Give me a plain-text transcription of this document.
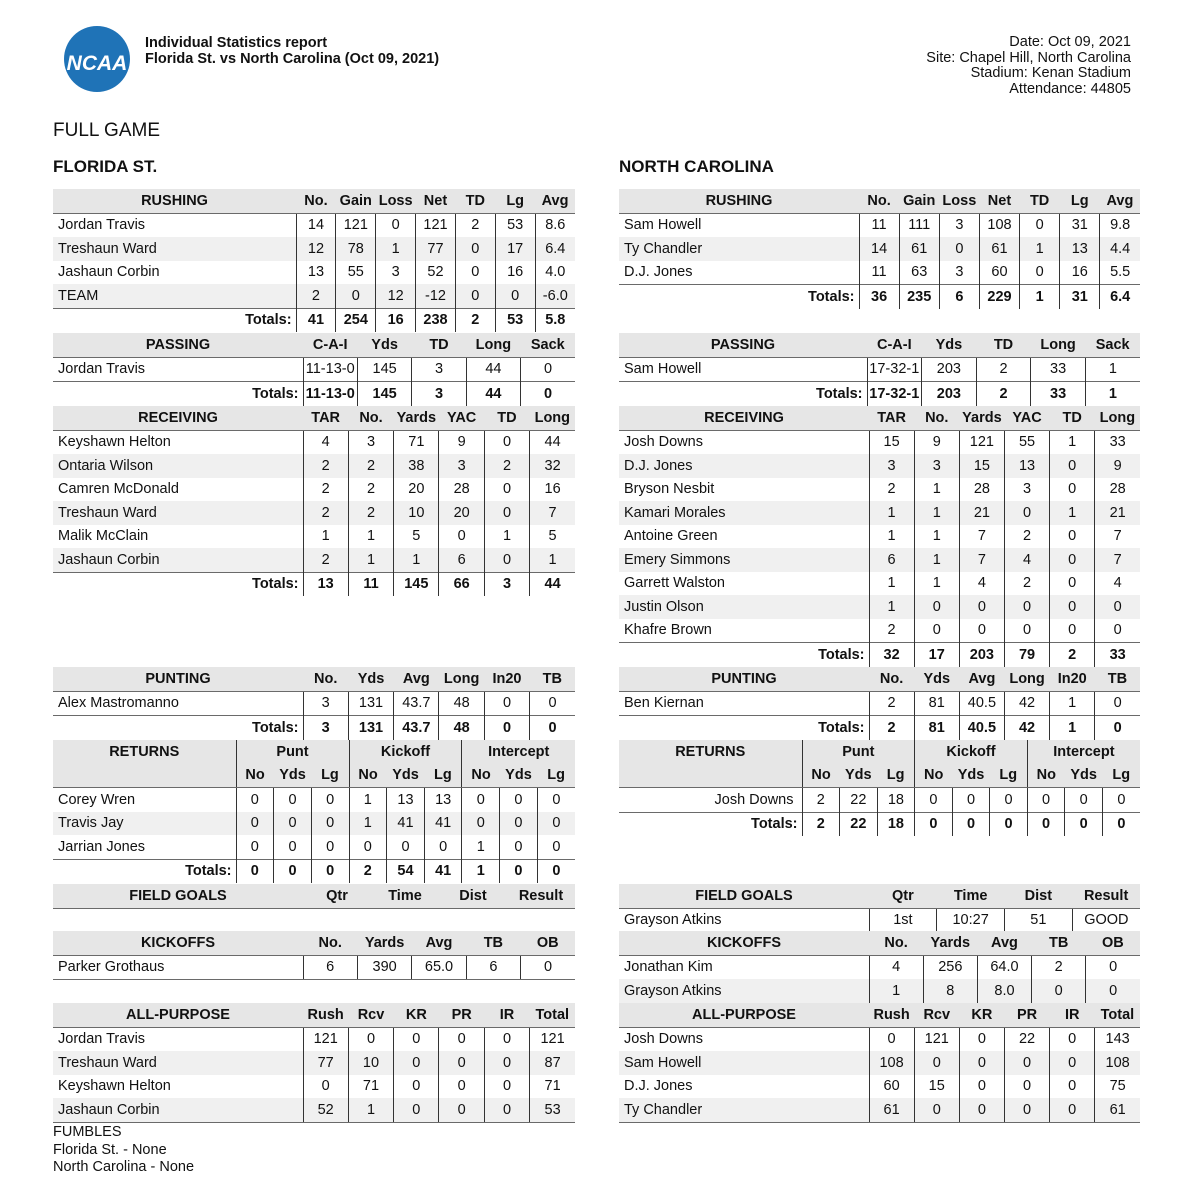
NCAA
Individual Statistics report
Florida St. vs North Carolina (Oct 09, 2021)
Date: Oct 09, 2021
Site: Chapel Hill, North Carolina
Stadium: Kenan Stadium
Attendance: 44805
FULL GAME
FLORIDA ST.	NORTH CAROLINA
FUMBLES
Florida St. - None
North Carolina - None
RUSHING	No.	Gain	Loss	Net	TD	Lg	Avg
Jordan Travis	14	121	0	121	2	53	8.6
Treshaun Ward	12	78	1	77	0	17	6.4
Jashaun Corbin	13	55	3	52	0	16	4.0
TEAM	2	0	12	-12	0	0	-6.0
Totals:	41	254	16	238	2	53	5.8
PASSING	C-A-I	Yds	TD	Long	Sack
Jordan Travis	11-13-0	145	3	44	0
Totals:	11-13-0	145	3	44	0
RECEIVING	TAR	No.	Yards	YAC	TD	Long
Keyshawn Helton	4	3	71	9	0	44
Ontaria Wilson	2	2	38	3	2	32
Camren McDonald	2	2	20	28	0	16
Treshaun Ward	2	2	10	20	0	7
Malik McClain	1	1	5	0	1	5
Jashaun Corbin	2	1	1	6	0	1
Totals:	13	11	145	66	3	44
PUNTING	No.	Yds	Avg	Long	In20	TB
Alex Mastromanno	3	131	43.7	48	0	0
Totals:	3	131	43.7	48	0	0
RETURNS	Punt			Kickoff			Intercept		
	No	Yds	Lg	No	Yds	Lg	No	Yds	Lg
Corey Wren	0	0	0	1	13	13	0	0	0
Travis Jay	0	0	0	1	41	41	0	0	0
Jarrian Jones	0	0	0	0	0	0	1	0	0
Totals:	0	0	0	2	54	41	1	0	0
FIELD GOALS	Qtr	Time	Dist	Result

KICKOFFS	No.	Yards	Avg	TB	OB
Parker Grothaus	6	390	65.0	6	0
ALL-PURPOSE	Rush	Rcv	KR	PR	IR	Total
Jordan Travis	121	0	0	0	0	121
Treshaun Ward	77	10	0	0	0	87
Keyshawn Helton	0	71	0	0	0	71
Jashaun Corbin	52	1	0	0	0	53
RUSHING	No.	Gain	Loss	Net	TD	Lg	Avg
Sam Howell	11	111	3	108	0	31	9.8
Ty Chandler	14	61	0	61	1	13	4.4
D.J. Jones	11	63	3	60	0	16	5.5
Totals:	36	235	6	229	1	31	6.4
PASSING	C-A-I	Yds	TD	Long	Sack
Sam Howell	17-32-1	203	2	33	1
Totals:	17-32-1	203	2	33	1
RECEIVING	TAR	No.	Yards	YAC	TD	Long
Josh Downs	15	9	121	55	1	33
D.J. Jones	3	3	15	13	0	9
Bryson Nesbit	2	1	28	3	0	28
Kamari Morales	1	1	21	0	1	21
Antoine Green	1	1	7	2	0	7
Emery Simmons	6	1	7	4	0	7
Garrett Walston	1	1	4	2	0	4
Justin Olson	1	0	0	0	0	0
Khafre Brown	2	0	0	0	0	0
Totals:	32	17	203	79	2	33
PUNTING	No.	Yds	Avg	Long	In20	TB
Ben Kiernan	2	81	40.5	42	1	0
Totals:	2	81	40.5	42	1	0
RETURNS	Punt			Kickoff			Intercept		
	No	Yds	Lg	No	Yds	Lg	No	Yds	Lg
Josh Downs	2	22	18	0	0	0	0	0	0
Totals:	2	22	18	0	0	0	0	0	0
FIELD GOALS	Qtr	Time	Dist	Result
Grayson Atkins	1st	10:27	51	GOOD
KICKOFFS	No.	Yards	Avg	TB	OB
Jonathan Kim	4	256	64.0	2	0
Grayson Atkins	1	8	8.0	0	0
ALL-PURPOSE	Rush	Rcv	KR	PR	IR	Total
Josh Downs	0	121	0	22	0	143
Sam Howell	108	0	0	0	0	108
D.J. Jones	60	15	0	0	0	75
Ty Chandler	61	0	0	0	0	61
